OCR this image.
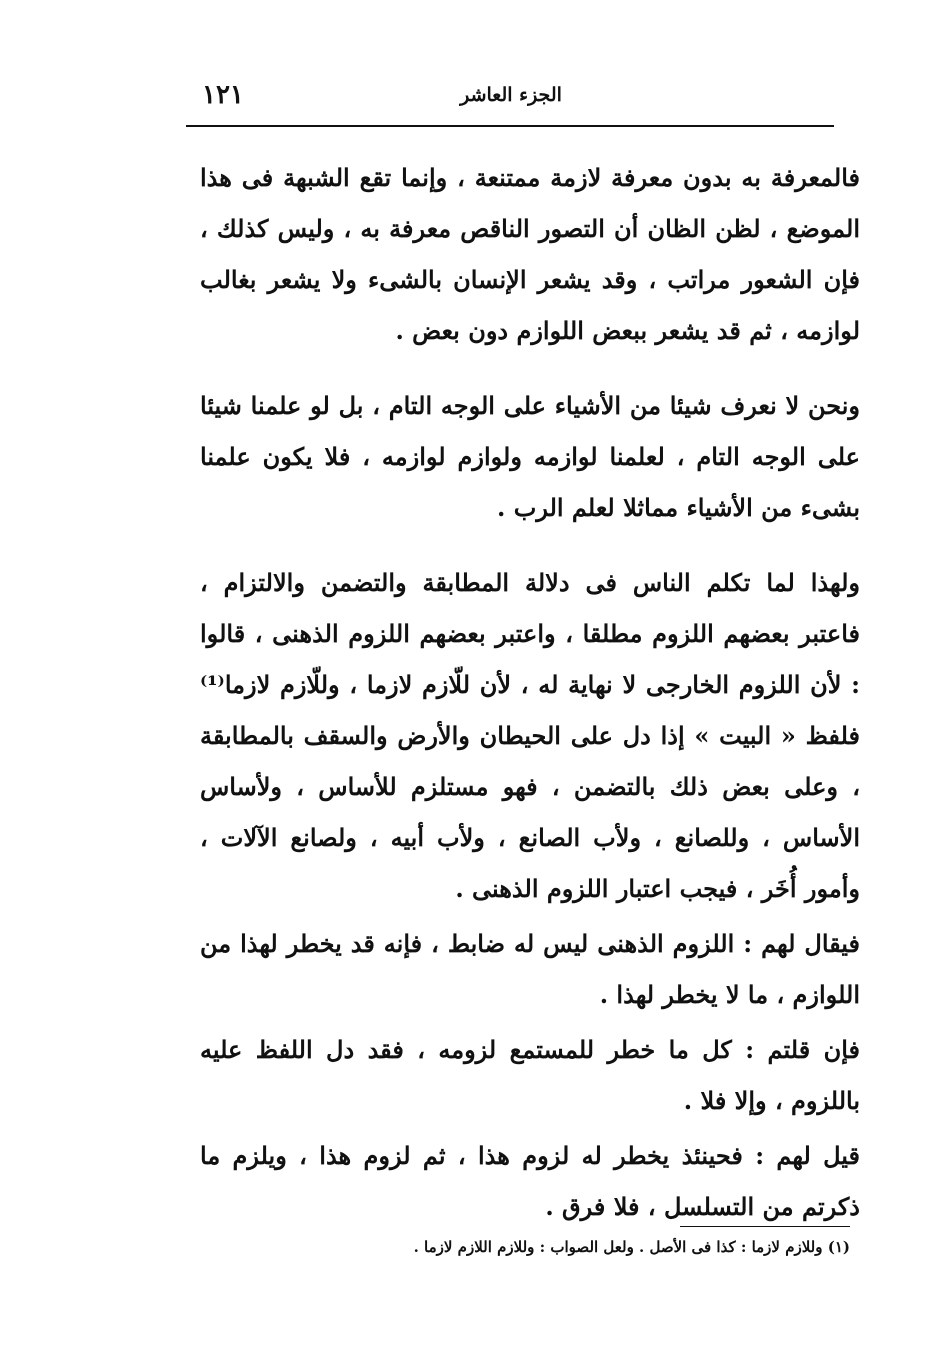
الجزء العاشر
١٢١

فالمعرفة به بدون معرفة لازمة ممتنعة ، وإنما تقع الشبهة فى هذا الموضع ، لظن الظان أن التصور الناقص معرفة به ، وليس كذلك ، فإن الشعور مراتب ، وقد يشعر الإنسان بالشىء ولا يشعر بغالب لوازمه ، ثم قد يشعر ببعض اللوازم دون بعض .

ونحن لا نعرف شيئا من الأشياء على الوجه التام ، بل لو علمنا شيئا على الوجه التام ، لعلمنا لوازمه ولوازم لوازمه ، فلا يكون علمنا بشىء من الأشياء مماثلا لعلم الرب .

ولهذا لما تكلم الناس فى دلالة المطابقة والتضمن والالتزام ، فاعتبر بعضهم اللزوم مطلقا ، واعتبر بعضهم اللزوم الذهنى ، قالوا : لأن اللزوم الخارجى لا نهاية له ، لأن للّازم لازما ، وللّازم لازما⁽¹⁾ فلفظ « البيت » إذا دل على الحيطان والأرض والسقف بالمطابقة ، وعلى بعض ذلك بالتضمن ، فهو مستلزم للأساس ، ولأساس الأساس ، وللصانع ، ولأب الصانع ، ولأب أبيه ، ولصانع الآلات ، وأمور أُخَر ، فيجب اعتبار اللزوم الذهنى .

فيقال لهم : اللزوم الذهنى ليس له ضابط ، فإنه قد يخطر لهذا من اللوازم ، ما لا يخطر لهذا .

فإن قلتم : كل ما خطر للمستمع لزومه ، فقد دل اللفظ عليه باللزوم ، وإلا فلا .

قيل لهم : فحينئذ يخطر له لزوم هذا ، ثم لزوم هذا ، ويلزم ما ذكرتم من التسلسل ، فلا فرق .

(١) وللازم لازما : كذا فى الأصل . ولعل الصواب : وللازم اللازم لازما .
